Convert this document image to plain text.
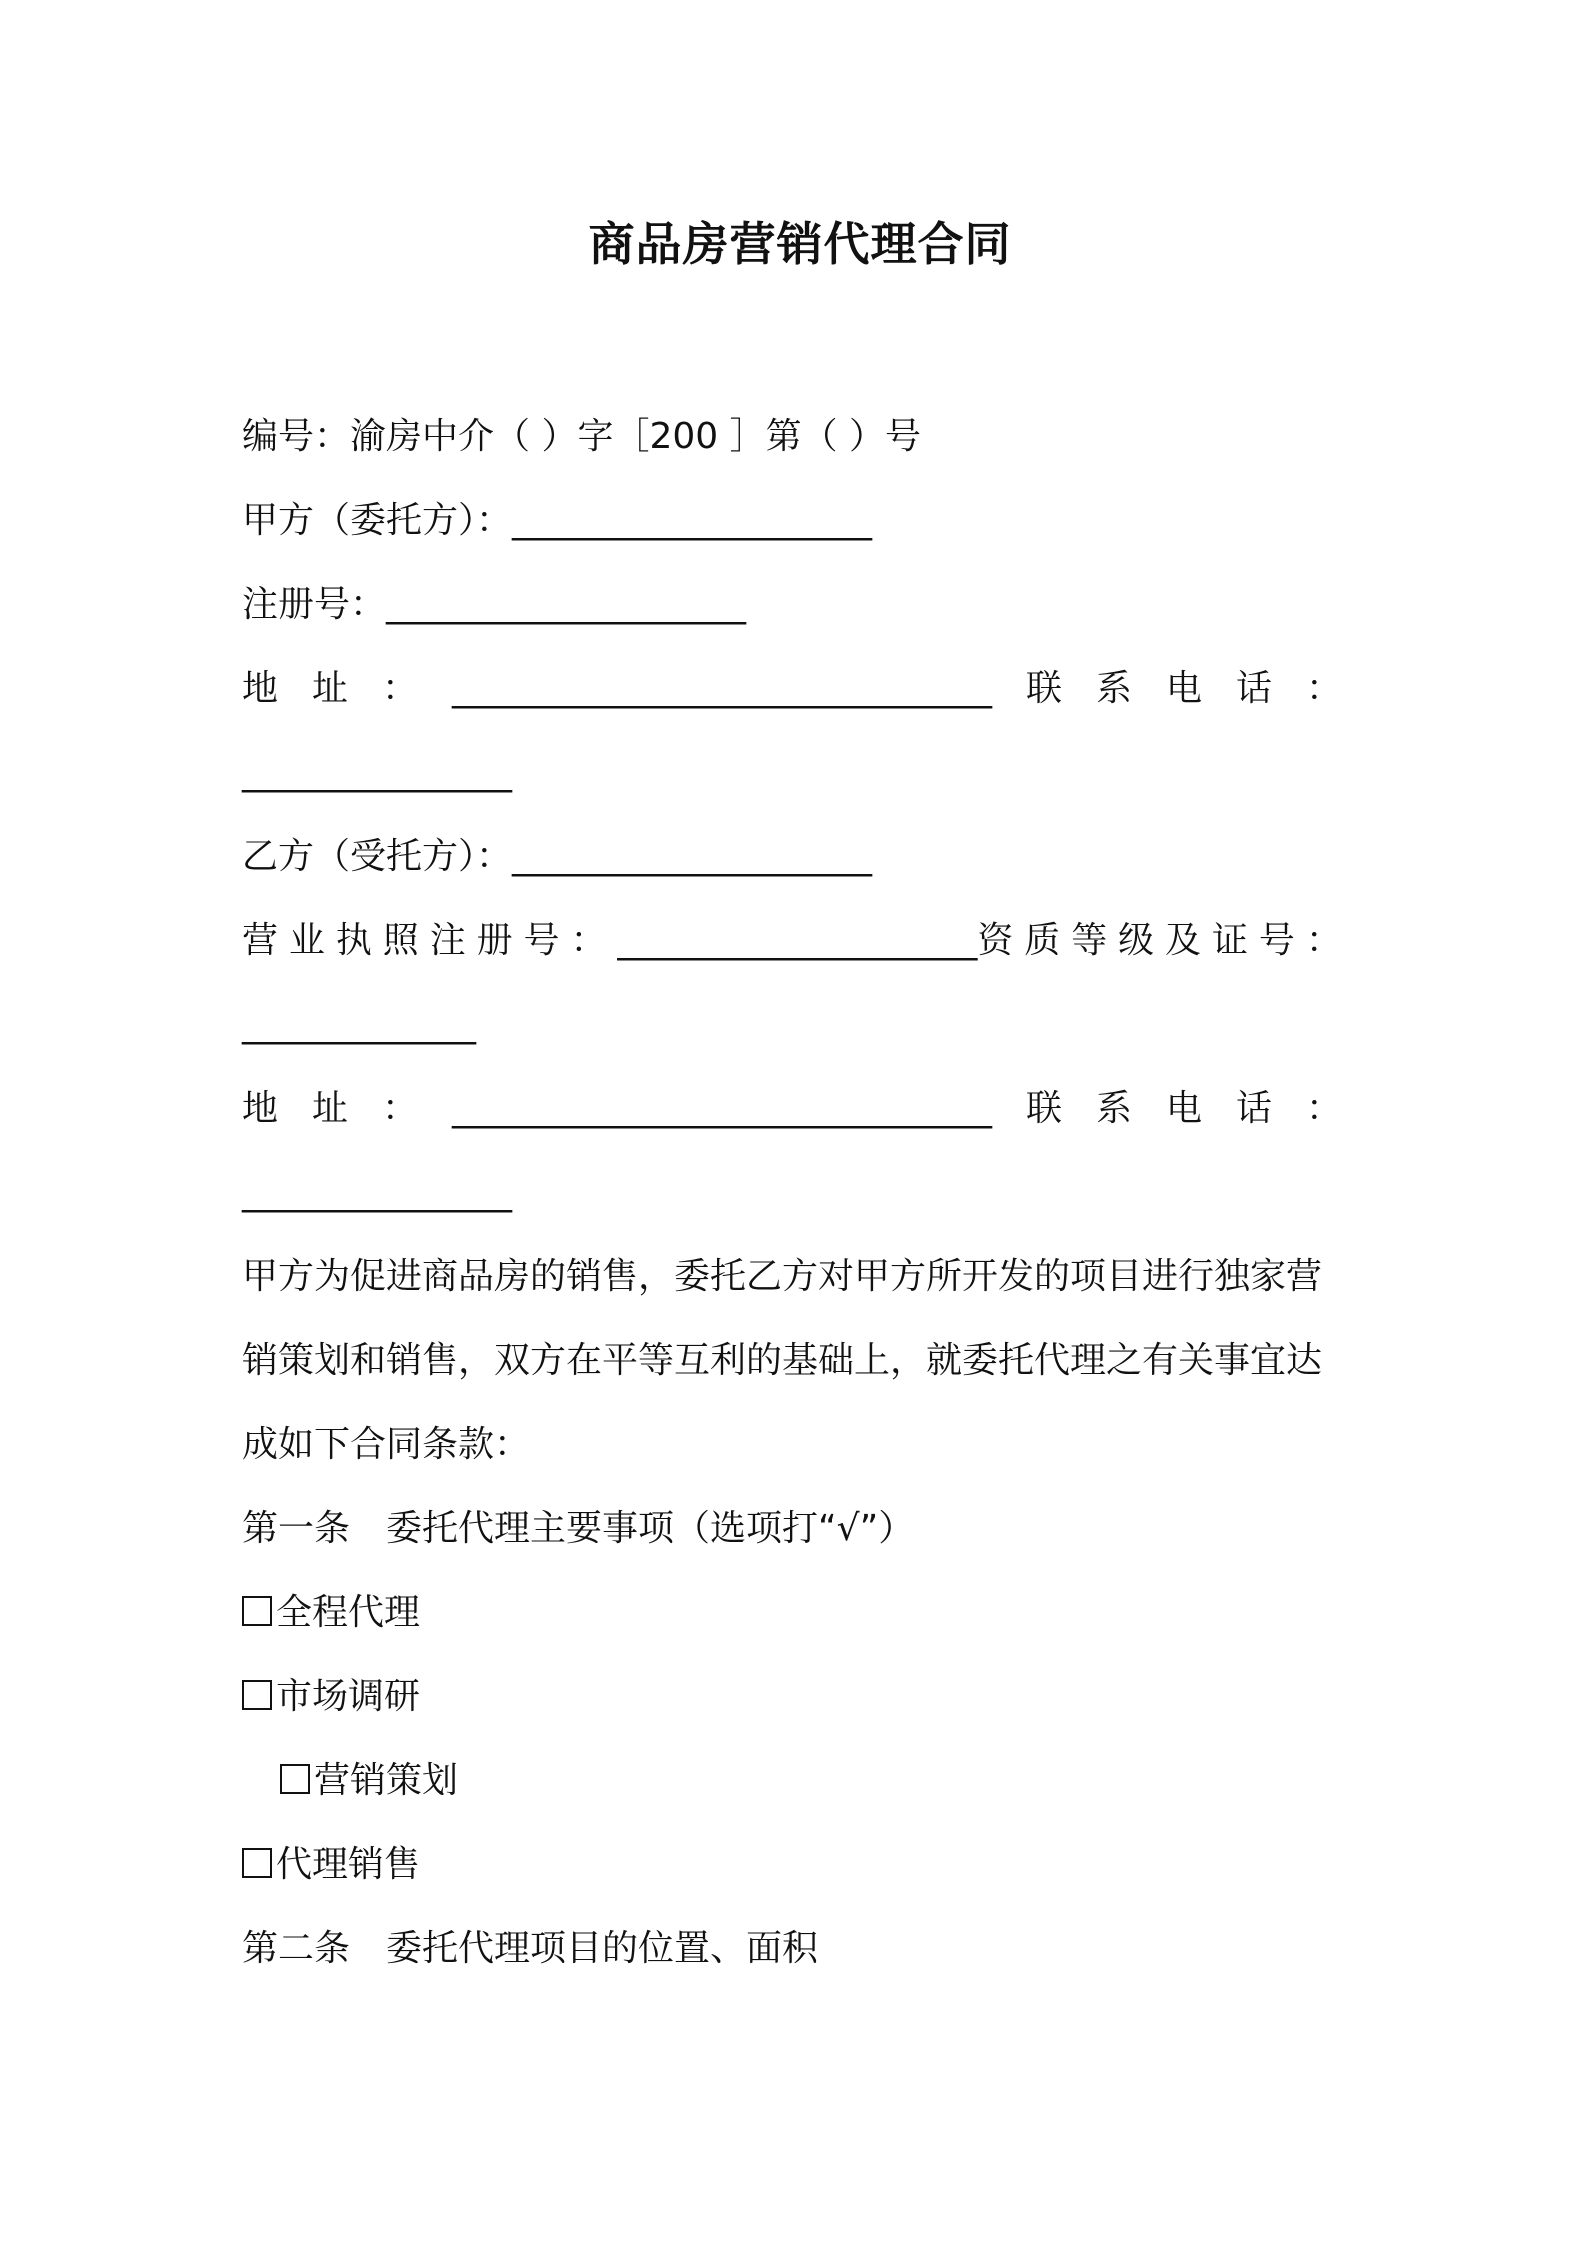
商品房营销代理合同
编号：渝房中介（ ）字［200 ］第（ ）号
甲方（委托方）：____________________
注册号：____________________
地 址 ： ______________________________ 联 系 电 话 ：
_______________
乙方（受托方）：____________________
营 业 执 照 注 册 号 ： ____________________资 质 等 级 及 证 号 ：
_____________
地 址 ： ______________________________ 联 系 电 话 ：
_______________
甲方为促进商品房的销售，委托乙方对甲方所开发的项目进行独家营
销策划和销售，双方在平等互利的基础上，就委托代理之有关事宜达
成如下合同条款：
第一条　委托代理主要事项（选项打“√”）
全程代理
市场调研
营销策划
代理销售
第二条　委托代理项目的位置、面积
